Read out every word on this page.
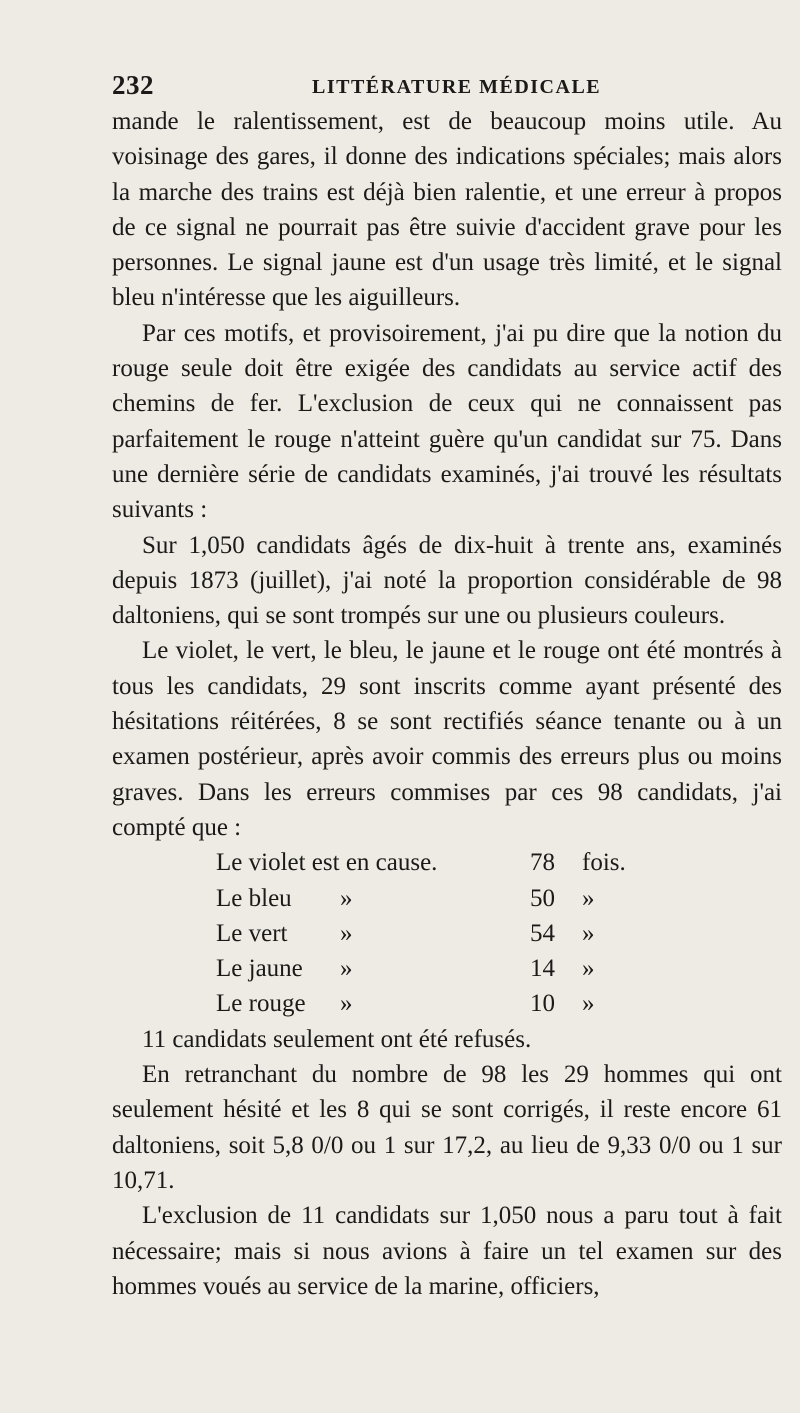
232	LITTÉRATURE MÉDICALE

mande le ralentissement, est de beaucoup moins utile. Au voisinage des gares, il donne des indications spéciales; mais alors la marche des trains est déjà bien ralentie, et une erreur à propos de ce signal ne pourrait pas être suivie d'accident grave pour les personnes. Le signal jaune est d'un usage très limité, et le signal bleu n'intéresse que les aiguilleurs.

Par ces motifs, et provisoirement, j'ai pu dire que la notion du rouge seule doit être exigée des candidats au service actif des chemins de fer. L'exclusion de ceux qui ne connaissent pas parfaitement le rouge n'atteint guère qu'un candidat sur 75. Dans une dernière série de candidats examinés, j'ai trouvé les résultats suivants :

Sur 1,050 candidats âgés de dix-huit à trente ans, examinés depuis 1873 (juillet), j'ai noté la proportion considérable de 98 daltoniens, qui se sont trompés sur une ou plusieurs couleurs.

Le violet, le vert, le bleu, le jaune et le rouge ont été montrés à tous les candidats, 29 sont inscrits comme ayant présenté des hésitations réitérées, 8 se sont rectifiés séance tenante ou à un examen postérieur, après avoir commis des erreurs plus ou moins graves. Dans les erreurs commises par ces 98 candidats, j'ai compté que :

Le violet est en cause.	78 fois.
Le bleu »	50 »
Le vert »	54 »
Le jaune »	14 »
Le rouge »	10 »

11 candidats seulement ont été refusés.

En retranchant du nombre de 98 les 29 hommes qui ont seulement hésité et les 8 qui se sont corrigés, il reste encore 61 daltoniens, soit 5,8 0/0 ou 1 sur 17,2, au lieu de 9,33 0/0 ou 1 sur 10,71.

L'exclusion de 11 candidats sur 1,050 nous a paru tout à fait nécessaire; mais si nous avions à faire un tel examen sur des hommes voués au service de la marine, officiers,
